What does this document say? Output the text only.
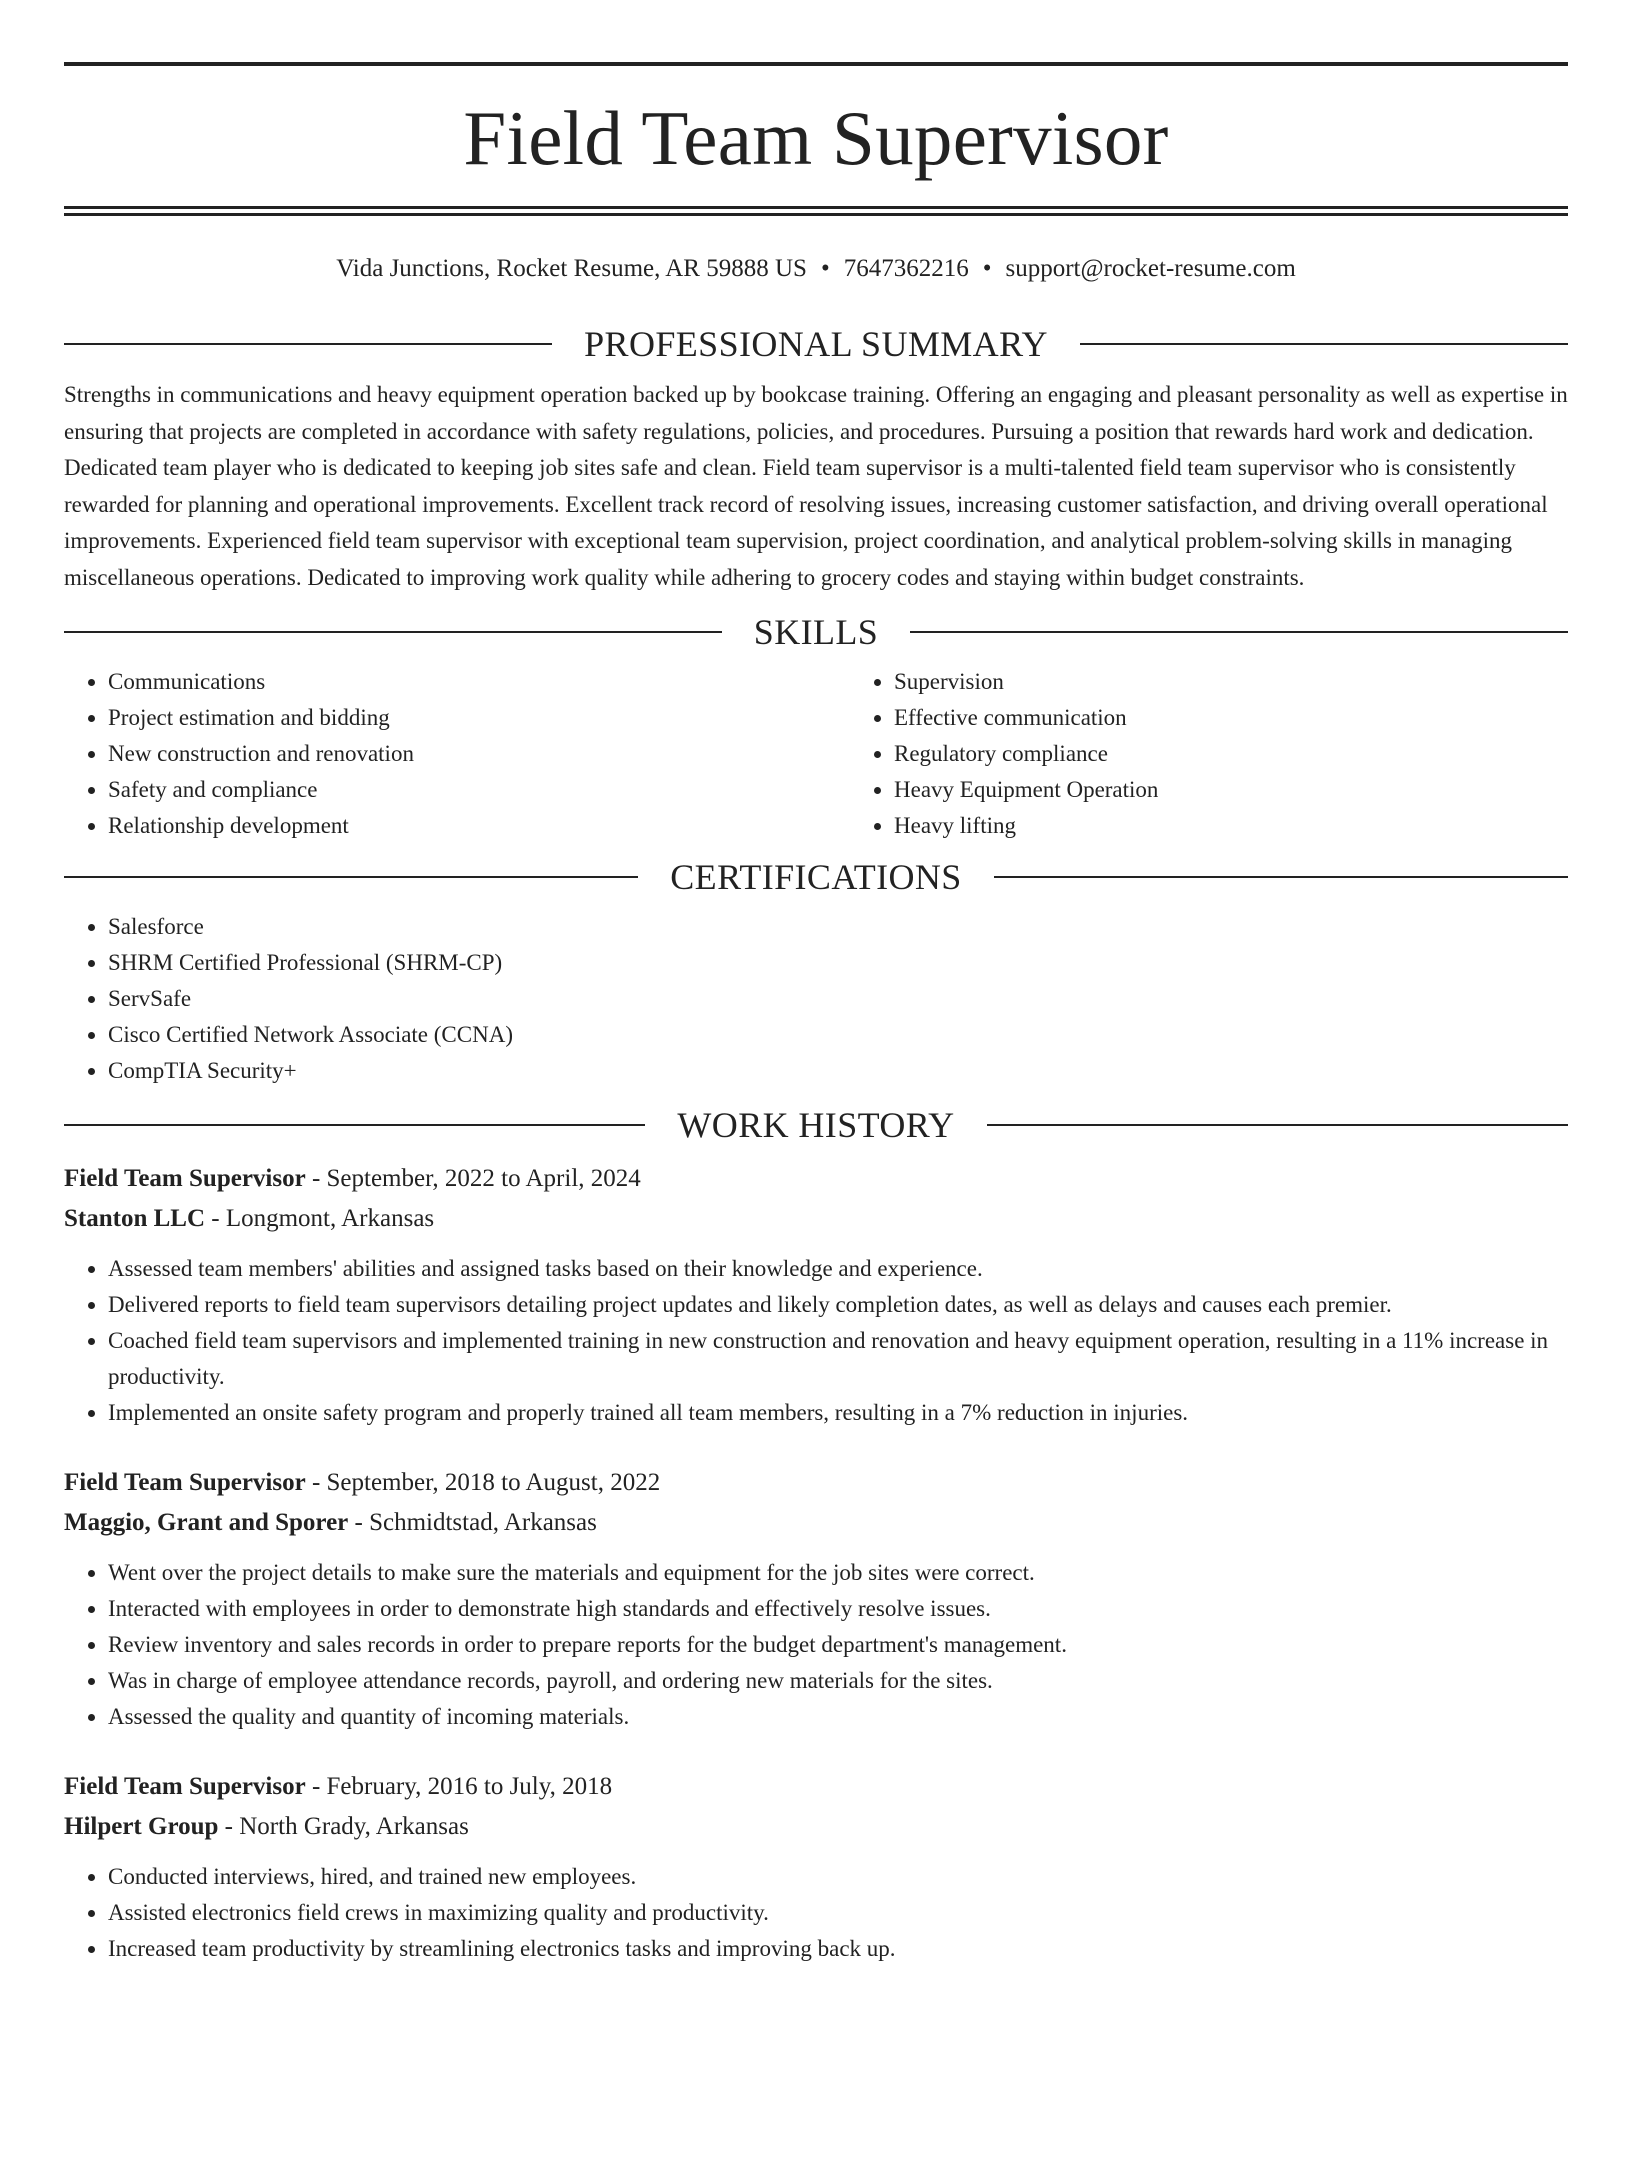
Field Team Supervisor
Vida Junctions, Rocket Resume, AR 59888 US • 7647362216 • support@rocket-resume.com
PROFESSIONAL SUMMARY

Strengths in communications and heavy equipment operation backed up by bookcase training. Offering an engaging and pleasant personality as well as expertise in ensuring that projects are completed in accordance with safety regulations, policies, and procedures. Pursuing a position that rewards hard work and dedication. Dedicated team player who is dedicated to keeping job sites safe and clean. Field team supervisor is a multi-talented field team supervisor who is consistently rewarded for planning and operational improvements. Excellent track record of resolving issues, increasing customer satisfaction, and driving overall operational improvements. Experienced field team supervisor with exceptional team supervision, project coordination, and analytical problem-solving skills in managing miscellaneous operations. Dedicated to improving work quality while adhering to grocery codes and staying within budget constraints.

SKILLS
• Communications
• Project estimation and bidding
• New construction and renovation
• Safety and compliance
• Relationship development
• Supervision
• Effective communication
• Regulatory compliance
• Heavy Equipment Operation
• Heavy lifting
CERTIFICATIONS
• Salesforce
• SHRM Certified Professional (SHRM-CP)
• ServSafe
• Cisco Certified Network Associate (CCNA)
• CompTIA Security+
WORK HISTORY
Field Team Supervisor - September, 2022 to April, 2024
Stanton LLC - Longmont, Arkansas
• Assessed team members' abilities and assigned tasks based on their knowledge and experience.
• Delivered reports to field team supervisors detailing project updates and likely completion dates, as well as delays and causes each premier.
• Coached field team supervisors and implemented training in new construction and renovation and heavy equipment operation, resulting in a 11% increase in productivity.
• Implemented an onsite safety program and properly trained all team members, resulting in a 7% reduction in injuries.
Field Team Supervisor - September, 2018 to August, 2022
Maggio, Grant and Sporer - Schmidtstad, Arkansas
• Went over the project details to make sure the materials and equipment for the job sites were correct.
• Interacted with employees in order to demonstrate high standards and effectively resolve issues.
• Review inventory and sales records in order to prepare reports for the budget department's management.
• Was in charge of employee attendance records, payroll, and ordering new materials for the sites.
• Assessed the quality and quantity of incoming materials.
Field Team Supervisor - February, 2016 to July, 2018
Hilpert Group - North Grady, Arkansas
• Conducted interviews, hired, and trained new employees.
• Assisted electronics field crews in maximizing quality and productivity.
• Increased team productivity by streamlining electronics tasks and improving back up.
